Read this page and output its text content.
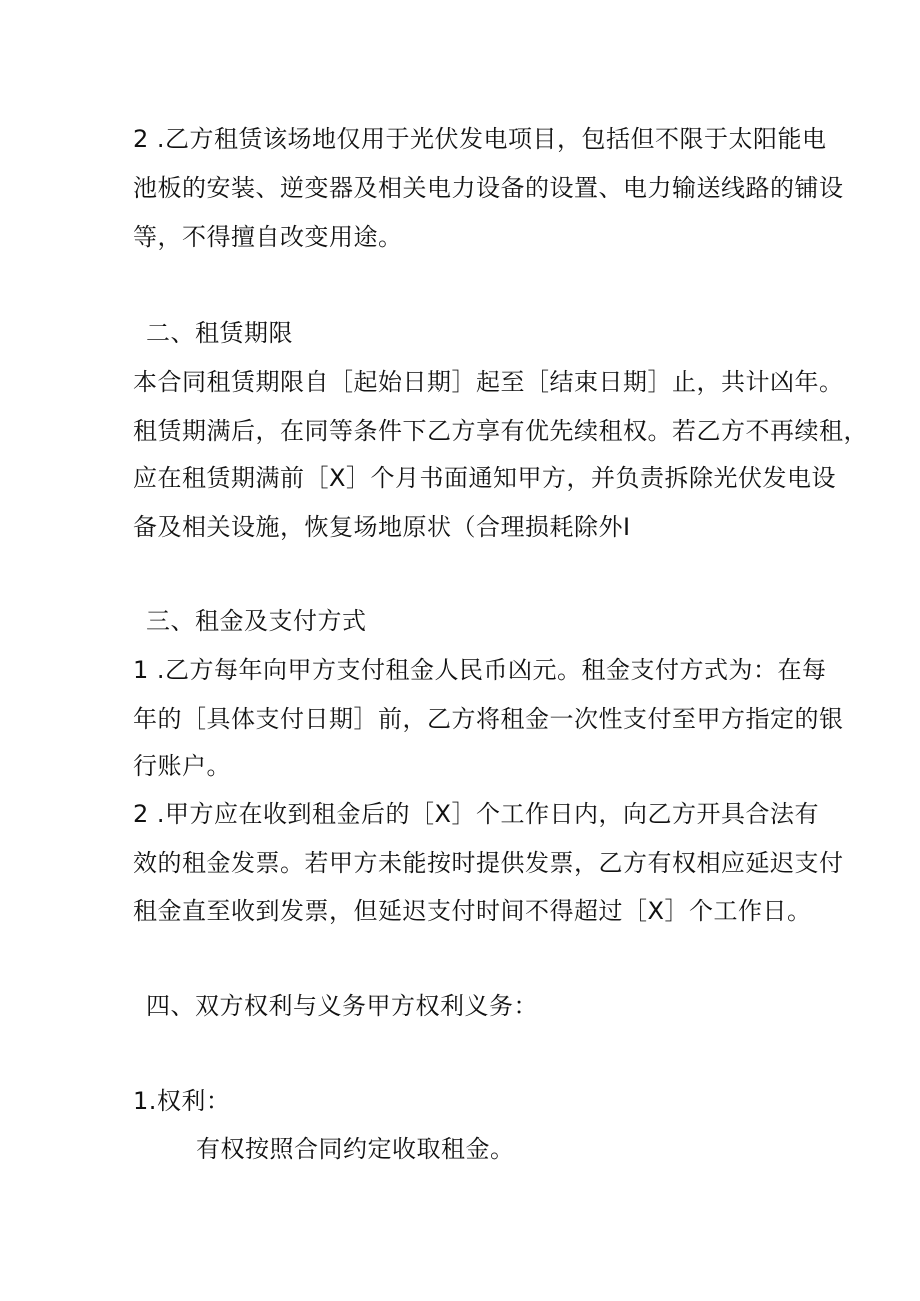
2 .乙方租赁该场地仅用于光伏发电项目，包括但不限于太阳能电
池板的安装、逆变器及相关电力设备的设置、电力输送线路的铺设
等，不得擅自改变用途。
二、租赁期限
本合同租赁期限自［起始日期］起至［结束日期］止，共计凶年。
租赁期满后，在同等条件下乙方享有优先续租权。若乙方不再续租，
应在租赁期满前［X］个月书面通知甲方，并负责拆除光伏发电设
备及相关设施，恢复场地原状（合理损耗除外I
三、租金及支付方式
1 .乙方每年向甲方支付租金人民币凶元。租金支付方式为：在每
年的［具体支付日期］前，乙方将租金一次性支付至甲方指定的银
行账户。
2 .甲方应在收到租金后的［X］个工作日内，向乙方开具合法有
效的租金发票。若甲方未能按时提供发票，乙方有权相应延迟支付
租金直至收到发票，但延迟支付时间不得超过［X］个工作日。
四、双方权利与义务甲方权利义务：
1.权利：
有权按照合同约定收取租金。
